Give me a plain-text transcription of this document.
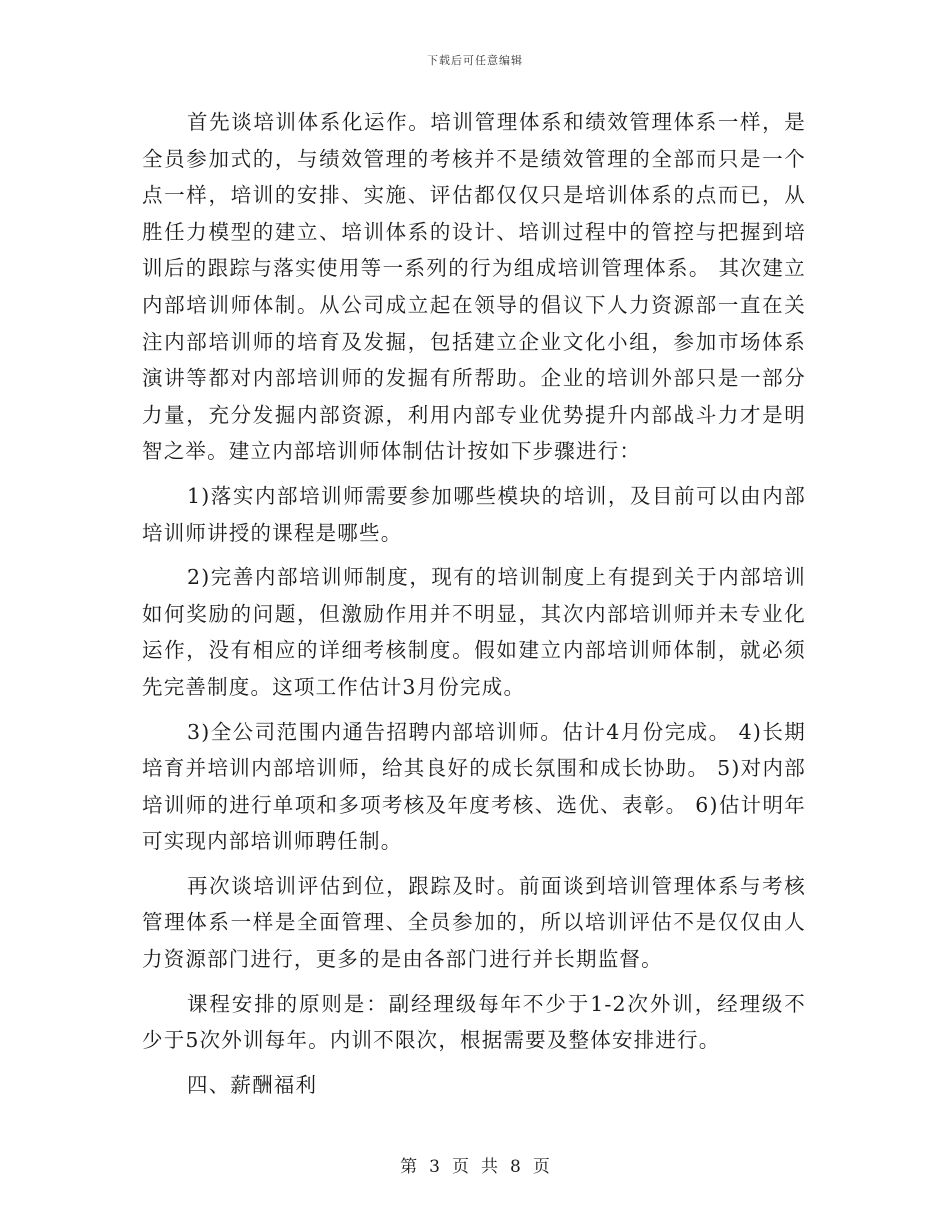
下载后可任意编辑

首先谈培训体系化运作。培训管理体系和绩效管理体系一样，是全员参加式的，与绩效管理的考核并不是绩效管理的全部而只是一个点一样，培训的安排、实施、评估都仅仅只是培训体系的点而已，从胜任力模型的建立、培训体系的设计、培训过程中的管控与把握到培训后的跟踪与落实使用等一系列的行为组成培训管理体系。 其次建立内部培训师体制。从公司成立起在领导的倡议下人力资源部一直在关注内部培训师的培育及发掘，包括建立企业文化小组，参加市场体系演讲等都对内部培训师的发掘有所帮助。企业的培训外部只是一部分力量，充分发掘内部资源，利用内部专业优势提升内部战斗力才是明智之举。建立内部培训师体制估计按如下步骤进行：

1)落实内部培训师需要参加哪些模块的培训，及目前可以由内部培训师讲授的课程是哪些。

2)完善内部培训师制度，现有的培训制度上有提到关于内部培训如何奖励的问题，但激励作用并不明显，其次内部培训师并未专业化运作，没有相应的详细考核制度。假如建立内部培训师体制，就必须先完善制度。这项工作估计3月份完成。

3)全公司范围内通告招聘内部培训师。估计4月份完成。 4)长期培育并培训内部培训师，给其良好的成长氛围和成长协助。 5)对内部培训师的进行单项和多项考核及年度考核、选优、表彰。 6)估计明年可实现内部培训师聘任制。

再次谈培训评估到位，跟踪及时。前面谈到培训管理体系与考核管理体系一样是全面管理、全员参加的，所以培训评估不是仅仅由人力资源部门进行，更多的是由各部门进行并长期监督。

课程安排的原则是：副经理级每年不少于1-2次外训，经理级不少于5次外训每年。内训不限次，根据需要及整体安排进行。

四、薪酬福利

第 3 页 共 8 页
